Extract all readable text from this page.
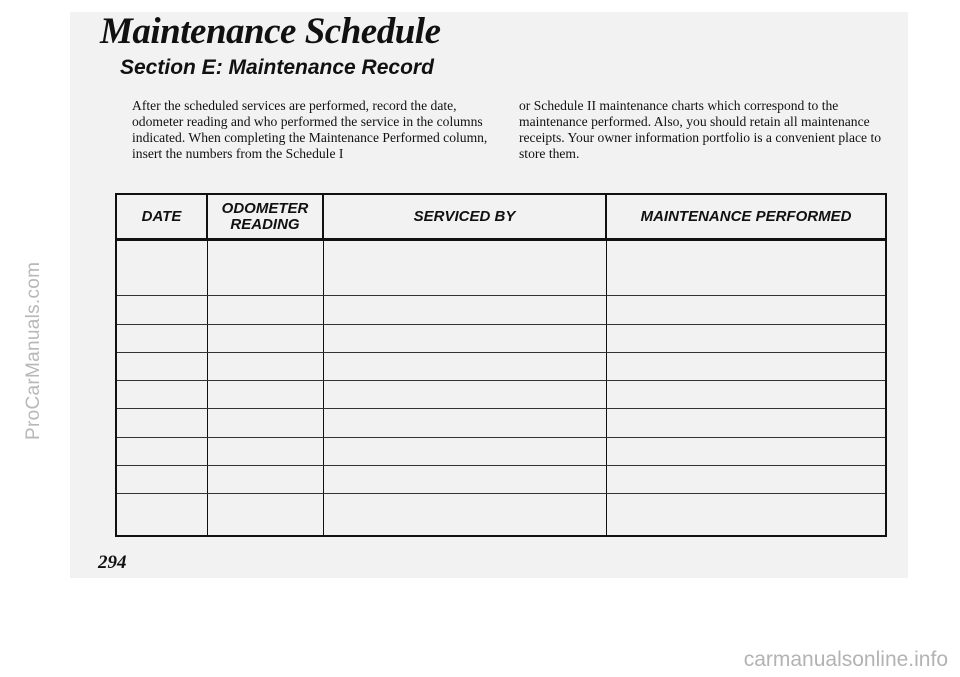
ProCarManuals.com
Maintenance Schedule
Section E: Maintenance Record
After the scheduled services are performed, record the date, odometer reading and who performed the service in the columns indicated. When completing the Maintenance Performed column, insert the numbers from the Schedule I
or Schedule II maintenance charts which correspond to the maintenance performed. Also, you should retain all maintenance receipts. Your owner information portfolio is a convenient place to store them.
DATE	ODOMETER
READING	SERVICED BY	MAINTENANCE PERFORMED

294
carmanualsonline.info
